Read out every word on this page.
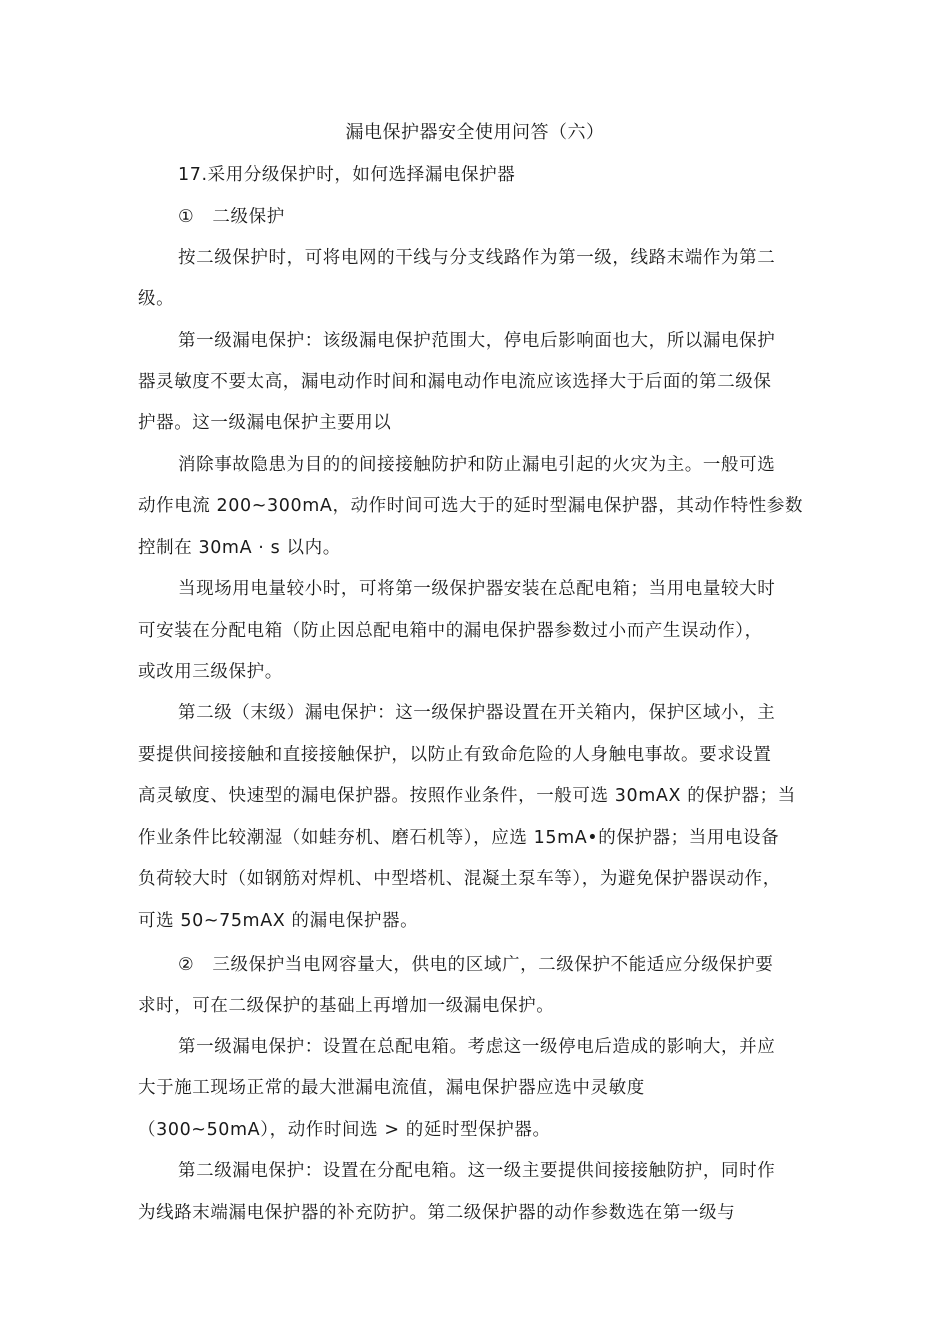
漏电保护器安全使用问答（六）
17.采用分级保护时，如何选择漏电保护器
①　二级保护
按二级保护时，可将电网的干线与分支线路作为第一级，线路末端作为第二
级。
第一级漏电保护：该级漏电保护范围大，停电后影响面也大，所以漏电保护
器灵敏度不要太高，漏电动作时间和漏电动作电流应该选择大于后面的第二级保
护器。这一级漏电保护主要用以
消除事故隐患为目的的间接接触防护和防止漏电引起的火灾为主。一般可选
动作电流 200~300mA，动作时间可选大于的延时型漏电保护器，其动作特性参数
控制在 30mA · s 以内。
当现场用电量较小时，可将第一级保护器安装在总配电箱；当用电量较大时
可安装在分配电箱（防止因总配电箱中的漏电保护器参数过小而产生误动作），
或改用三级保护。
第二级（末级）漏电保护：这一级保护器设置在开关箱内，保护区域小，主
要提供间接接触和直接接触保护，以防止有致命危险的人身触电事故。要求设置
高灵敏度、快速型的漏电保护器。按照作业条件，一般可选 30mAX 的保护器；当
作业条件比较潮湿（如蛙夯机、磨石机等），应选 15mA•的保护器；当用电设备
负荷较大时（如钢筋对焊机、中型塔机、混凝土泵车等），为避免保护器误动作，
可选 50~75mAX 的漏电保护器。
②　三级保护当电网容量大，供电的区域广，二级保护不能适应分级保护要
求时，可在二级保护的基础上再增加一级漏电保护。
第一级漏电保护：设置在总配电箱。考虑这一级停电后造成的影响大，并应
大于施工现场正常的最大泄漏电流值，漏电保护器应选中灵敏度
（300~50mA），动作时间选 > 的延时型保护器。
第二级漏电保护：设置在分配电箱。这一级主要提供间接接触防护，同时作
为线路末端漏电保护器的补充防护。第二级保护器的动作参数选在第一级与
